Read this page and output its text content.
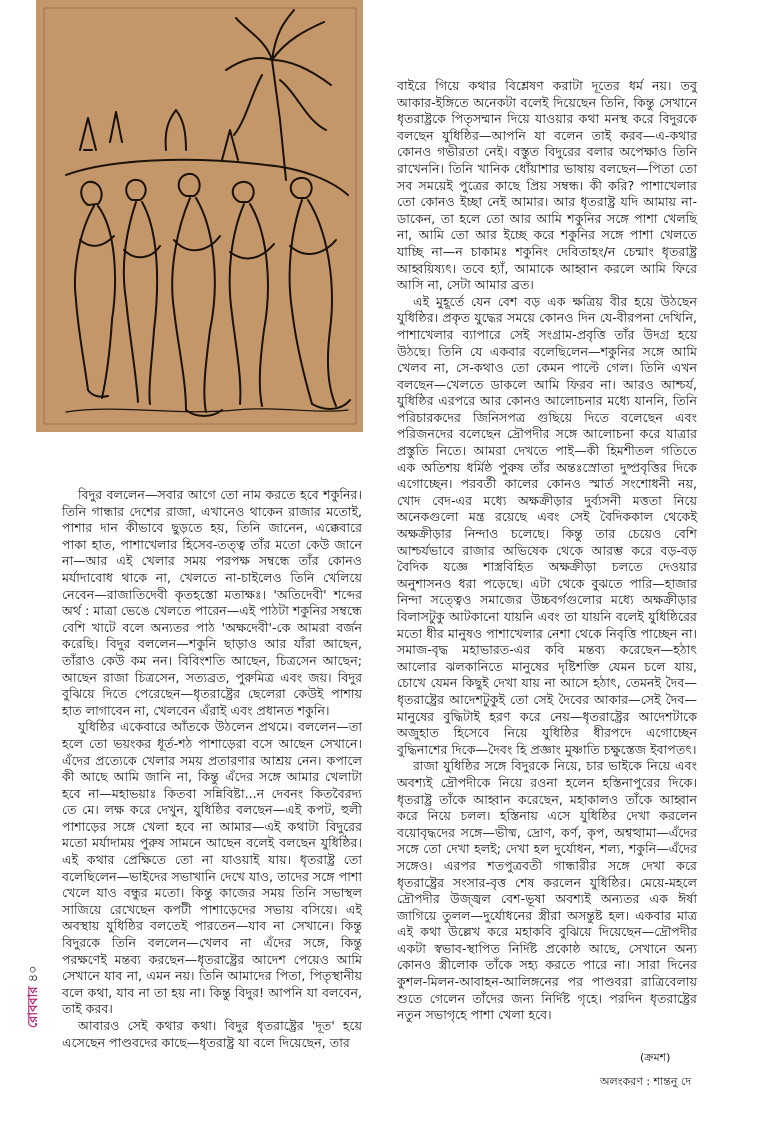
বিদুর বললেন—সবার আগে তো নাম করতে হবে শকুনির। তিনি গান্ধার দেশের রাজা, এখানেও থাকেন রাজার মতোই, পাশার দান কীভাবে ছুড়তে হয়, তিনি জানেন, এক্কেবারে পাকা হাত, পাশাখেলার হিসেব-তত্ত্ব তাঁর মতো কেউ জানে না—আর এই খেলার সময় পরপক্ষ সম্বন্ধে তাঁর কোনও মর্যাদাবোধ থাকে না, খেলতে না-চাইলেও তিনি খেলিয়ে নেবেন—রাজাতিদেবী কৃতহস্তো মতাক্ষঃ। 'অতিদেবী' শব্দের অর্থ : মাত্রা ভেঙে খেলতে পারেন—এই পাঠটা শকুনির সম্বন্ধে বেশি খাটে বলে অন্যতর পাঠ 'অক্ষদেবী'-কে আমরা বর্জন করেছি। বিদুর বললেন—শকুনি ছাড়াও আর যাঁরা আছেন, তাঁরাও কেউ কম নন। বিবিংশতি আছেন, চিত্রসেন আছেন; আছেন রাজা চিত্রসেন, সত্যব্রত, পুরুমিত্র এবং জয়। বিদুর বুঝিয়ে দিতে পেরেছেন—ধৃতরাষ্ট্রের ছেলেরা কেউই পাশায় হাত লাগাবেন না, খেলবেন এঁরাই এবং প্রধানত শকুনি।

যুধিষ্ঠির একেবারে আঁতকে উঠলেন প্রথমে। বললেন—তা হলে তো ভয়ংকর ধূর্ত-শঠ পাশাড়েরা বসে আছেন সেখানে। এঁদের প্রত্যেকে খেলার সময় প্রতারণার আশ্রয় নেন। কপালে কী আছে আমি জানি না, কিন্তু এঁদের সঙ্গে আমার খেলাটা হবে না—মহাভয়াঃ কিতবা সন্নিবিষ্টা...ন দেবনং কিতবৈরদ্য তে মে। লক্ষ করে দেখুন, যুধিষ্ঠির বলছেন—এই কপট, হুলী পাশাড়ের সঙ্গে খেলা হবে না আমার—এই কথাটা বিদুরের মতো মর্যাদাময় পুরুষ সামনে আছেন বলেই বলছেন যুধিষ্ঠির। এই কথার প্রেক্ষিতে তো না যাওয়াই যায়। ধৃতরাষ্ট্র তো বলেছিলেন—ভাইদের সভাখানি দেখে যাও, তাদের সঙ্গে পাশা খেলে যাও বন্ধুর মতো। কিন্তু কাজের সময় তিনি সভাস্থল সাজিয়ে রেখেছেন কপটী পাশাড়েদের সভায় বসিয়ে। এই অবস্থায় যুধিষ্ঠির বলতেই পারতেন—যাব না সেখানে। কিন্তু বিদুরকে তিনি বললেন—খেলব না এঁদের সঙ্গে, কিন্তু পরক্ষণেই মন্তব্য করছেন—ধৃতরাষ্ট্রের আদেশ পেয়েও আমি সেখানে যাব না, এমন নয়। তিনি আমাদের পিতা, পিতৃস্থানীয় বলে কথা, যাব না তা হয় না। কিন্তু বিদুর! আপনি যা বলবেন, তাই করব।

আবারও সেই কথার কথা। বিদুর ধৃতরাষ্ট্রের 'দূত' হয়ে এসেছেন পাণ্ডবদের কাছে—ধৃতরাষ্ট্র যা বলে দিয়েছেন, তার

বাইরে গিয়ে কথার বিশ্লেষণ করাটা দূতের ধর্ম নয়। তবু আকার-ইঙ্গিতে অনেকটা বলেই দিয়েছেন তিনি, কিন্তু সেখানে ধৃতরাষ্ট্রকে পিতৃসম্মান দিয়ে যাওয়ার কথা মনস্থ করে বিদুরকে বলছেন যুধিষ্ঠির—আপনি যা বলেন তাই করব—এ-কথার কোনও গভীরতা নেই। বস্তুত বিদুরের বলার অপেক্ষাও তিনি রাখেননি। তিনি খানিক ধোঁয়াশার ভাষায় বলছেন—পিতা তো সব সময়েই পুত্রের কাছে প্রিয় সম্বন্ধ। কী করি? পাশাখেলার তো কোনও ইচ্ছা নেই আমার। আর ধৃতরাষ্ট্র যদি আমায় না-ডাকেন, তা হলে তো আর আমি শকুনির সঙ্গে পাশা খেলছি না, আমি তো আর ইচ্ছে করে শকুনির সঙ্গে পাশা খেলতে যাচ্ছি না—ন চাকামঃ শকুনিং দেবিতাহং/ন চেন্মাং ধৃতরাষ্ট্র আহ্বয়িষ্যৎ। তবে হ্যাঁ, আমাকে আহ্বান করলে আমি ফিরে আসি না, সেটা আমার ব্রত।

এই মুহূর্তে যেন বেশ বড় এক ক্ষত্রিয় বীর হয়ে উঠছেন যুধিষ্ঠির। প্রকৃত যুদ্ধের সময়ে কোনও দিন যে-বীরপনা দেখিনি, পাশাখেলার ব্যাপারে সেই সংগ্রাম-প্রবৃত্তি তাঁর উদগ্র হয়ে উঠছে। তিনি যে একবার বলেছিলেন—শকুনির সঙ্গে আমি খেলব না, সে-কথাও তো কেমন পাল্টে গেল। তিনি এখন বলছেন—খেলতে ডাকলে আমি ফিরব না। আরও আশ্চর্য, যুধিষ্ঠির এরপরে আর কোনও আলোচনার মধ্যে যাননি, তিনি পরিচারকদের জিনিসপত্র গুছিয়ে দিতে বলেছেন এবং পরিজনদের বলেছেন দ্রৌপদীর সঙ্গে আলোচনা করে যাত্রার প্রস্তুতি নিতে। আমরা দেখতে পাই—কী হিমশীতল গতিতে এক অতিশয় ধর্মিষ্ঠ পুরুষ তাঁর অন্তঃস্রোতা দুষ্প্রবৃত্তির দিকে এগোচ্ছেন। পরবর্তী কালের কোনও স্মার্ত সংশোধনী নয়, খোদ বেদ-এর মধ্যে অক্ষক্রীড়ার দুর্ব্যসনী মত্ততা নিয়ে অনেকগুলো মন্ত্র রয়েছে এবং সেই বৈদিককাল থেকেই অক্ষক্রীড়ার নিন্দাও চলেছে। কিন্তু তার চেয়েও বেশি আশ্চর্যভাবে রাজার অভিষেক থেকে আরম্ভ করে বড়-বড় বৈদিক যজ্ঞে শাস্ত্রবিহিত অক্ষক্রীড়া চলতে দেওয়ার অনুশাসনও ধরা পড়েছে। এটা থেকে বুঝতে পারি—হাজার নিন্দা সত্ত্বেও সমাজের উচ্চবর্গগুলোর মধ্যে অক্ষক্রীড়ার বিলাসটুকু আটকানো যায়নি এবং তা যায়নি বলেই যুধিষ্ঠিরের মতো ধীর মানুষও পাশাখেলার নেশা থেকে নিবৃত্তি পাচ্ছেন না। সমাজ-বৃদ্ধ মহাভারত-এর কবি মন্তব্য করেছেন—হঠাৎ আলোর ঝলকানিতে মানুষের দৃষ্টিশক্তি যেমন চলে যায়, চোখে যেমন কিছুই দেখা যায় না আসে হঠাৎ, তেমনই দৈব—ধৃতরাষ্ট্রের আদেশটুকুই তো সেই দৈবের আকার—সেই দৈব—মানুষের বুদ্ধিটাই হরণ করে নেয়—ধৃতরাষ্ট্রের আদেশটাকে অজুহাত হিসেবে নিয়ে যুধিষ্ঠির ধীরপদে এগোচ্ছেন বুদ্ধিনাশের দিকে—দৈবং হি প্রজ্ঞাং মুষ্ণাতি চক্ষুস্তেজ ইবাপতৎ।

রাজা যুধিষ্ঠির সঙ্গে বিদুরকে নিয়ে, চার ভাইকে নিয়ে এবং অবশ্যই দ্রৌপদীকে নিয়ে রওনা হলেন হস্তিনাপুরের দিকে। ধৃতরাষ্ট্র তাঁকে আহ্বান করেছেন, মহাকালও তাঁকে আহ্বান করে নিয়ে চলল। হস্তিনায় এসে যুধিষ্ঠির দেখা করলেন বয়োবৃদ্ধদের সঙ্গে—ভীষ্ম, দ্রোণ, কর্ণ, কৃপ, অশ্বত্থামা—এঁদের সঙ্গে তো দেখা হলই; দেখা হল দুর্যোধন, শল্য, শকুনি—এঁদের সঙ্গেও। এরপর শতপুত্রবতী গান্ধারীর সঙ্গে দেখা করে ধৃতরাষ্ট্রের সংসার-বৃত্ত শেষ করলেন যুধিষ্ঠির। মেয়ে-মহলে দ্রৌপদীর উজ্জ্বল বেশ-ভূষা অবশ্যই অন্যতর এক ঈর্ষা জাগিয়ে তুলল—দুর্যোধনের স্ত্রীরা অসন্তুষ্ট হল। একবার মাত্র এই কথা উল্লেখ করে মহাকবি বুঝিয়ে দিয়েছেন—দ্রৌপদীর একটা স্বভাব-স্থাপিত নির্দিষ্ট প্রকোষ্ঠ আছে, সেখানে অন্য কোনও স্ত্রীলোক তাঁকে সহ্য করতে পারে না। সারা দিনের কুশল-মিলন-আবাহন-আলিঙ্গনের পর পাণ্ডবরা রাত্রিবেলায় শুতে গেলেন তাঁদের জন্য নির্দিষ্ট গৃহে। পরদিন ধৃতরাষ্ট্রের নতুন সভাগৃহে পাশা খেলা হবে।

রোববার ৪০
(ক্রমশ)
অলংকরণ : শান্তনু দে
